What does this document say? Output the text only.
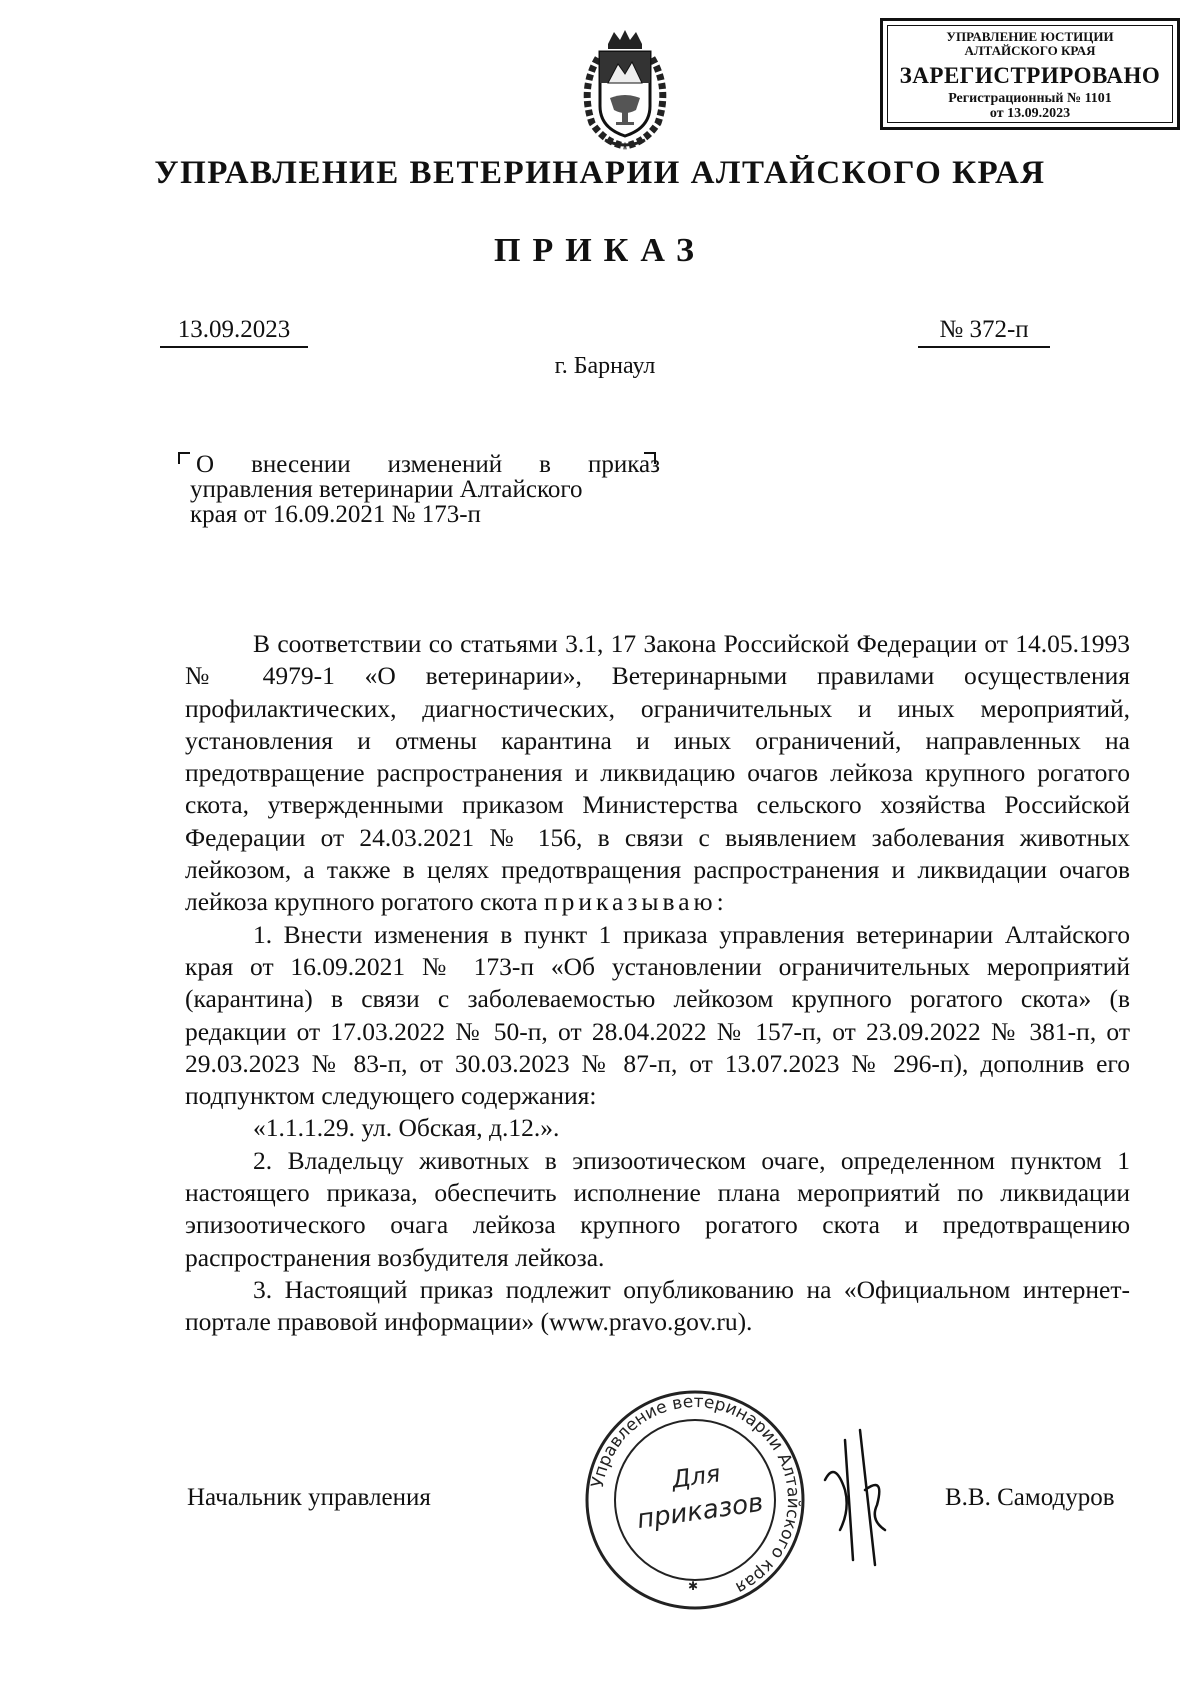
УПРАВЛЕНИЕ ЮСТИЦИИ
АЛТАЙСКОГО КРАЯ
ЗАРЕГИСТРИРОВАНО
Регистрационный № 1101
от 13.09.2023
УПРАВЛЕНИЕ ВЕТЕРИНАРИИ АЛТАЙСКОГО КРАЯ
ПРИКАЗ
13.09.2023	№ 372-п
г. Барнаул
О внесении изменений в приказ
управления ветеринарии Алтайского
края от 16.09.2021 № 173-п

В соответствии со статьями 3.1, 17 Закона Российской Федерации от 14.05.1993 № 4979-1 «О ветеринарии», Ветеринарными правилами осуществления профилактических, диагностических, ограничительных и иных мероприятий, установления и отмены карантина и иных ограничений, направленных на предотвращение распространения и ликвидацию очагов лейкоза крупного рогатого скота, утвержденными приказом Министерства сельского хозяйства Российской Федерации от 24.03.2021 № 156, в связи с выявлением заболевания животных лейкозом, а также в целях предотвращения распространения и ликвидации очагов лейкоза крупного рогатого скота приказываю:

1. Внести изменения в пункт 1 приказа управления ветеринарии Алтайского края от 16.09.2021 № 173-п «Об установлении ограничительных мероприятий (карантина) в связи с заболеваемостью лейкозом крупного рогатого скота» (в редакции от 17.03.2022 № 50-п, от 28.04.2022 № 157-п, от 23.09.2022 № 381-п, от 29.03.2023 № 83-п, от 30.03.2023 № 87-п, от 13.07.2023 № 296-п), дополнив его подпунктом следующего содержания:

«1.1.1.29. ул. Обская, д.12.».

2. Владельцу животных в эпизоотическом очаге, определенном пунктом 1 настоящего приказа, обеспечить исполнение плана мероприятий по ликвидации эпизоотического очага лейкоза крупного рогатого скота и предотвращению распространения возбудителя лейкоза.

3. Настоящий приказ подлежит опубликованию на «Официальном интернет-портале правовой информации» (www.pravo.gov.ru).

Начальник управления	В.В. Самодуров
Управление ветеринарии Алтайского края
Для
приказов
✱
